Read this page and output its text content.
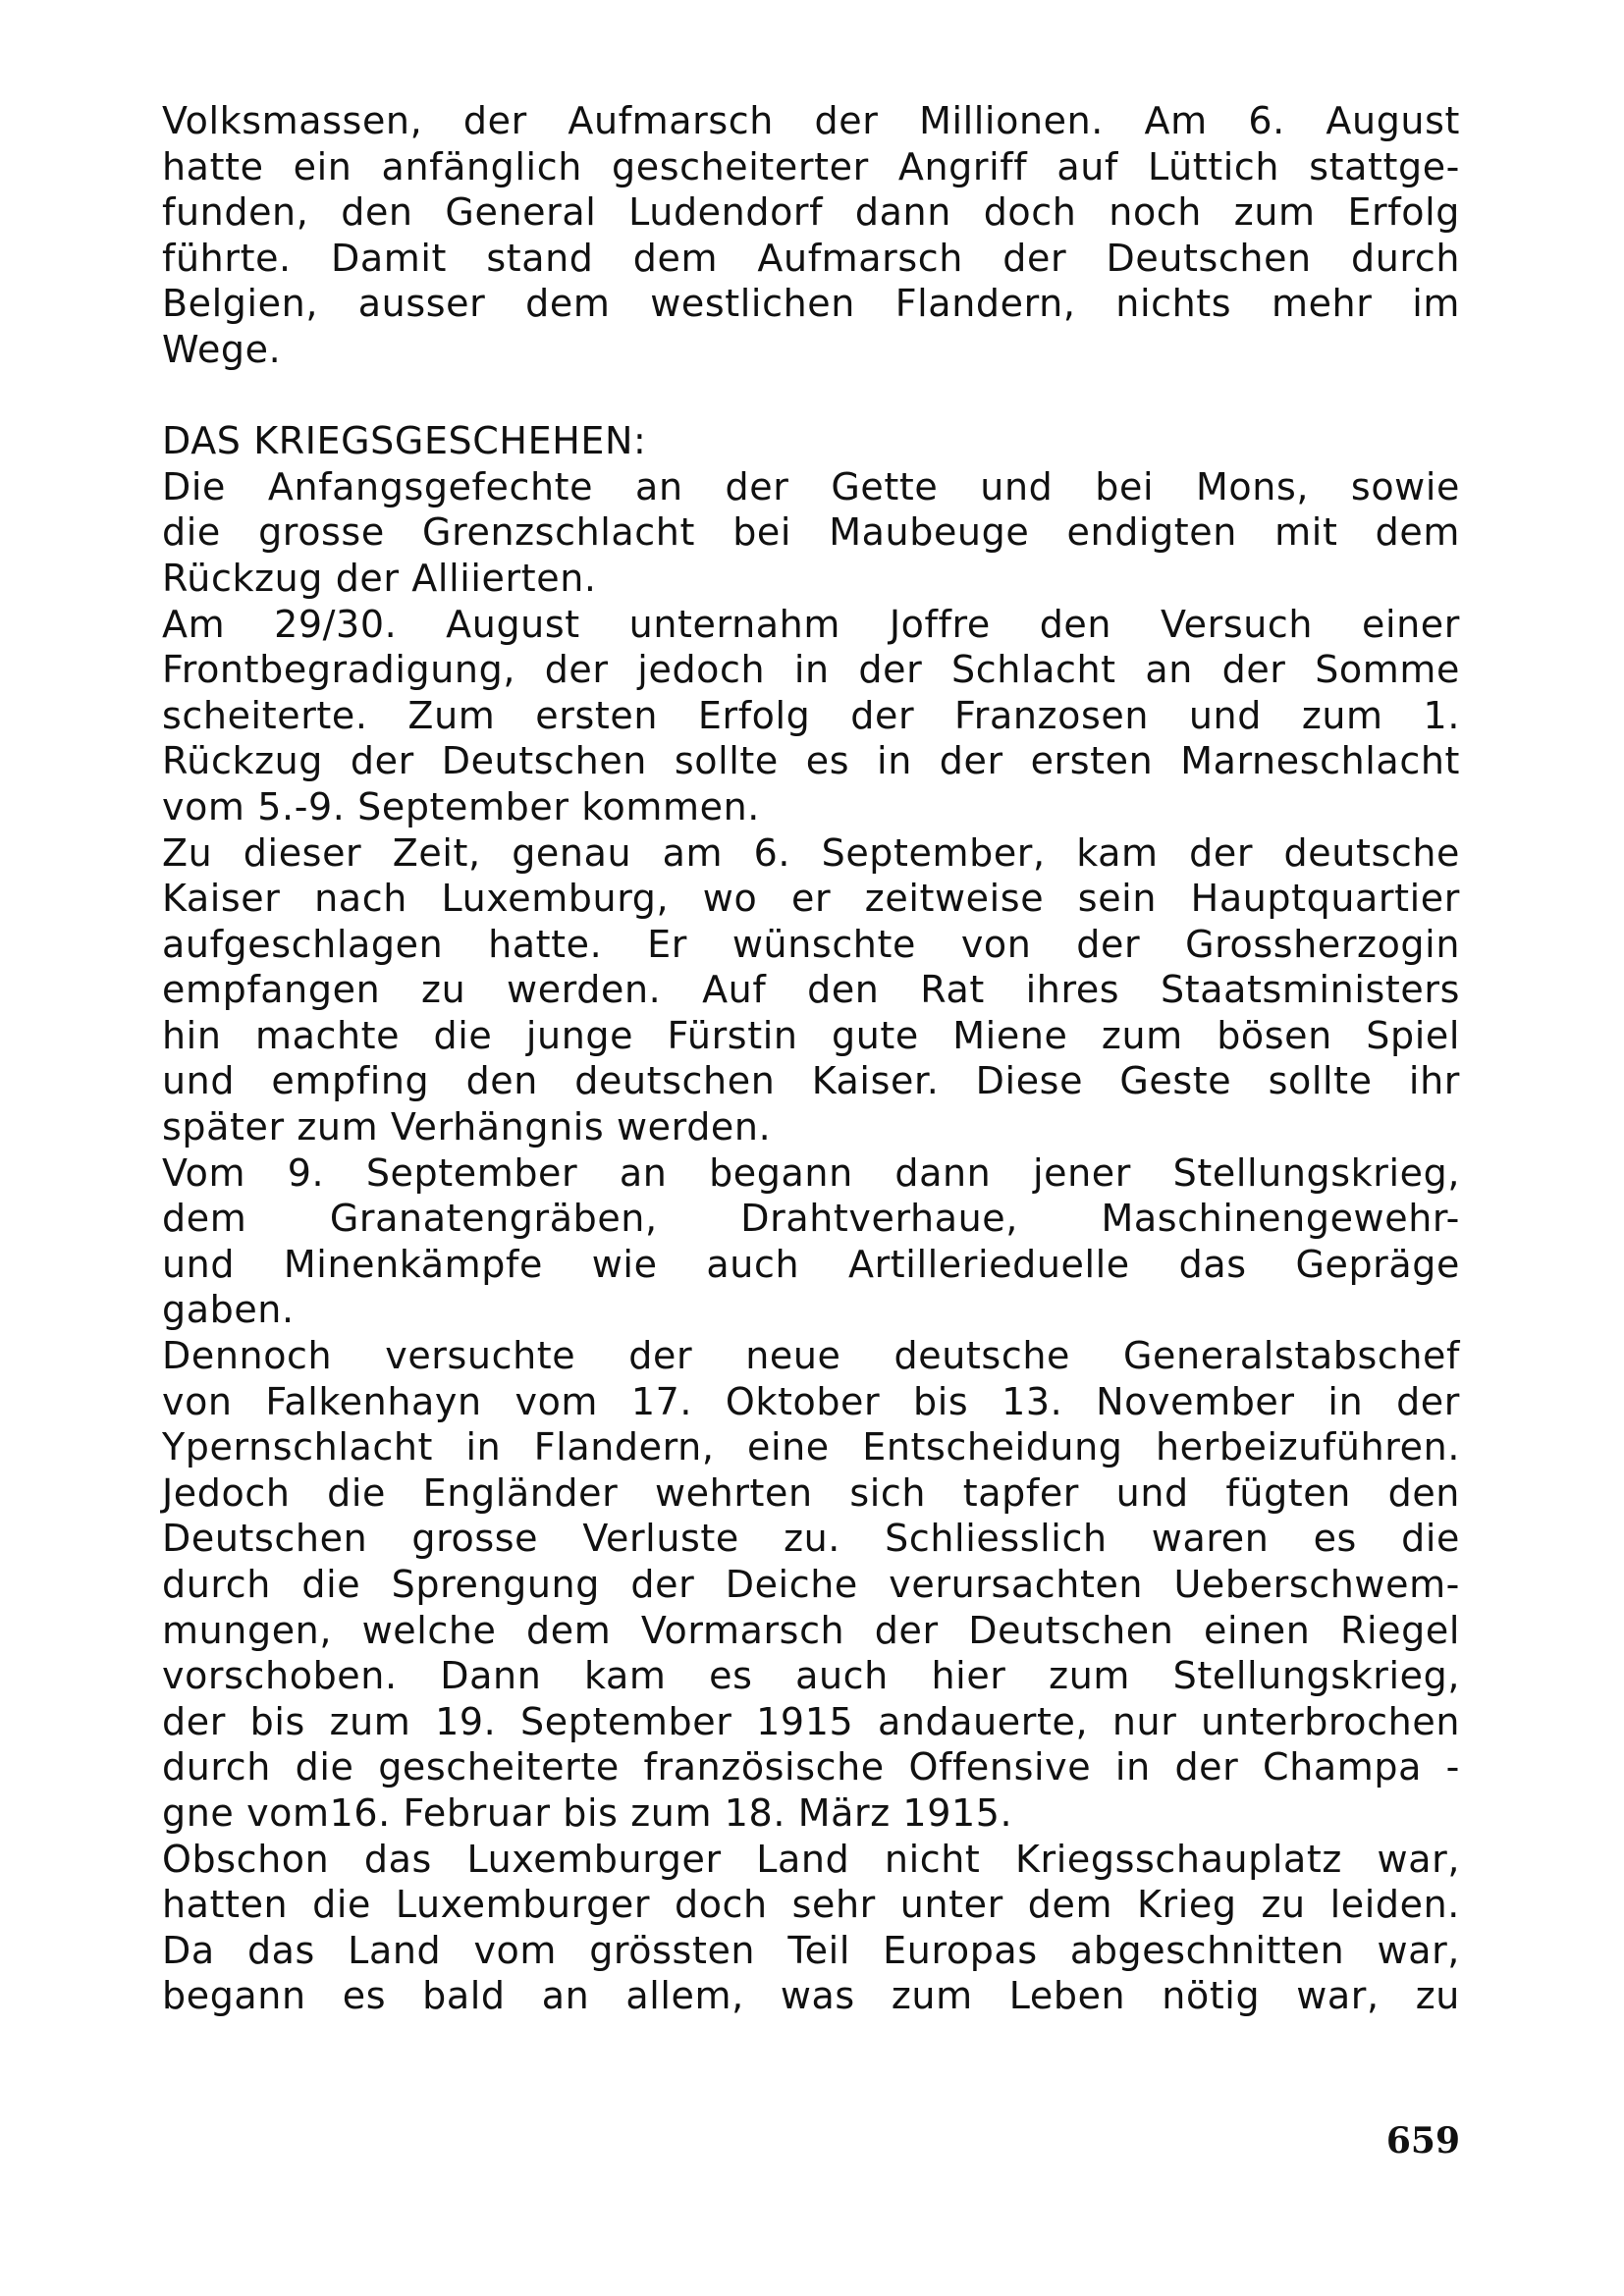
Volksmassen, der Aufmarsch der Millionen. Am 6. August
hatte ein anfänglich gescheiterter Angriff auf Lüttich stattge-
funden, den General Ludendorf dann doch noch zum Erfolg
führte. Damit stand dem Aufmarsch der Deutschen durch
Belgien, ausser dem westlichen Flandern, nichts mehr im
Wege.
DAS KRIEGSGESCHEHEN:
Die Anfangsgefechte an der Gette und bei Mons, sowie
die grosse Grenzschlacht bei Maubeuge endigten mit dem
Rückzug der Alliierten.
Am 29/30. August unternahm Joffre den Versuch einer
Frontbegradigung, der jedoch in der Schlacht an der Somme
scheiterte. Zum ersten Erfolg der Franzosen und zum 1.
Rückzug der Deutschen sollte es in der ersten Marneschlacht
vom 5.-9. September kommen.
Zu dieser Zeit, genau am 6. September, kam der deutsche
Kaiser nach Luxemburg, wo er zeitweise sein Hauptquartier
aufgeschlagen hatte. Er wünschte von der Grossherzogin
empfangen zu werden. Auf den Rat ihres Staatsministers
hin machte die junge Fürstin gute Miene zum bösen Spiel
und empfing den deutschen Kaiser. Diese Geste sollte ihr
später zum Verhängnis werden.
Vom 9. September an begann dann jener Stellungskrieg,
dem Granatengräben, Drahtverhaue, Maschinengewehr-
und Minenkämpfe wie auch Artillerieduelle das Gepräge
gaben.
Dennoch versuchte der neue deutsche Generalstabschef
von Falkenhayn vom 17. Oktober bis 13. November in der
Ypernschlacht in Flandern, eine Entscheidung herbeizuführen.
Jedoch die Engländer wehrten sich tapfer und fügten den
Deutschen grosse Verluste zu. Schliesslich waren es die
durch die Sprengung der Deiche verursachten Ueberschwem-
mungen, welche dem Vormarsch der Deutschen einen Riegel
vorschoben. Dann kam es auch hier zum Stellungskrieg,
der bis zum 19. September 1915 andauerte, nur unterbrochen
durch die gescheiterte französische Offensive in der Champa -
gne vom16. Februar bis zum 18. März 1915.
Obschon das Luxemburger Land nicht Kriegsschauplatz war,
hatten die Luxemburger doch sehr unter dem Krieg zu leiden.
Da das Land vom grössten Teil Europas abgeschnitten war,
begann es bald an allem, was zum Leben nötig war, zu
659
